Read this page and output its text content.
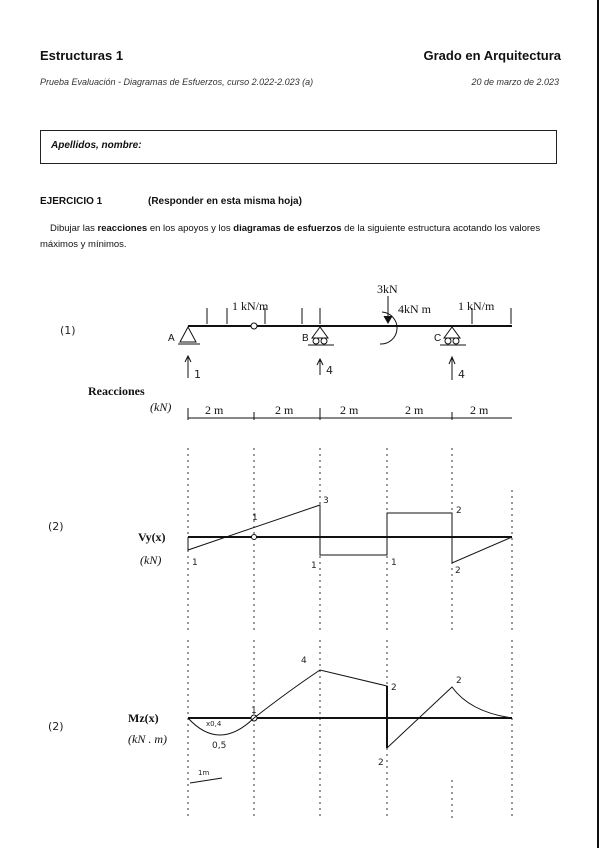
Estructuras 1	Grado en Arquitectura
Prueba Evaluación - Diagramas de Esfuerzos, curso 2.022-2.023 (a)	20 de marzo de 2.023
Apellidos, nombre:
EJERCICIO 1	(Responder en esta misma hoja)

Dibujar las reacciones en los apoyos y los diagramas de esfuerzos de la siguiente estructura acotando los valores máximos y mínimos.

1 kN/m	1 kN/m
3kN
4kN m
Reacciones
(kN)	2 m	2 m	2 m	2 m	2 m
Vy(x)
(kN)
Mz(x)
(kN . m)
A	B	C
(1)
1	4	4
(2)
(2)
1
1
3
1	1
2
2
0,5
x0,4
1
4
2
2
2
1m
